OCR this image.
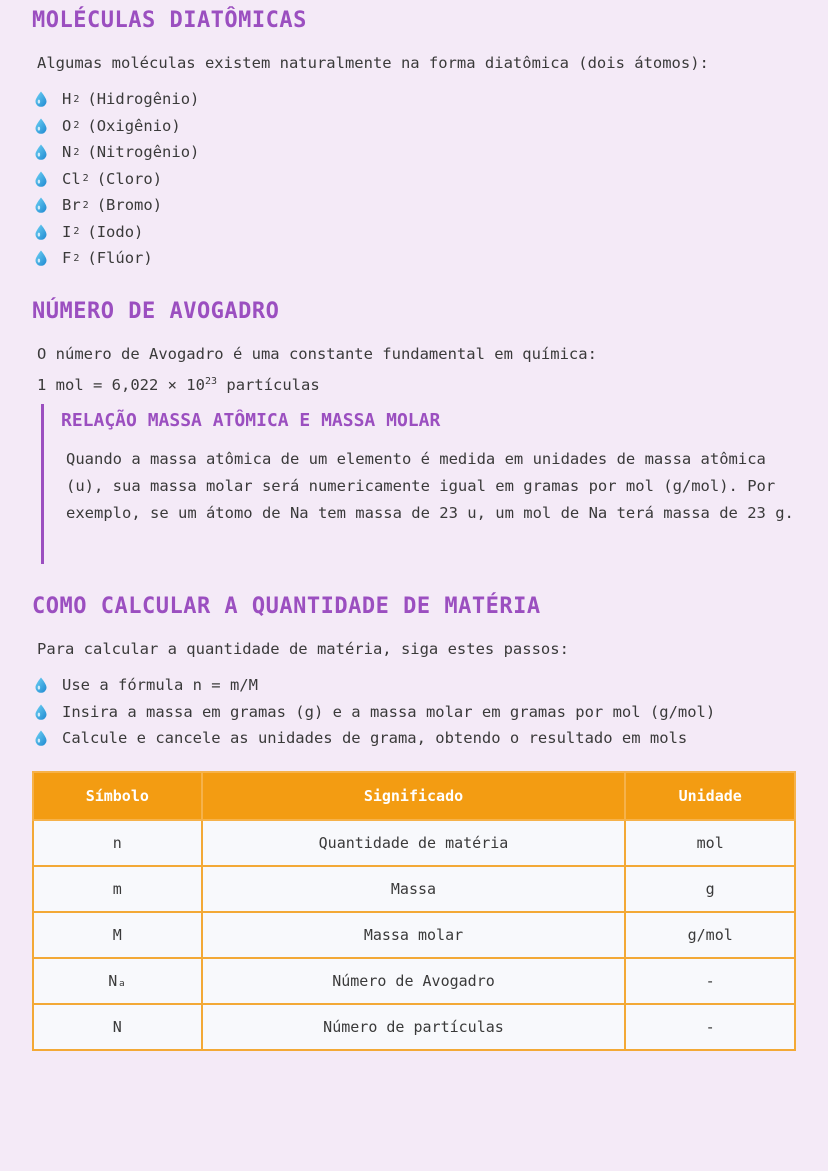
MOLÉCULAS DIATÔMICAS

Algumas moléculas existem naturalmente na forma diatômica (dois átomos):

H 2 (Hidrogênio)
O 2 (Oxigênio)
N 2 (Nitrogênio)
Cl 2 (Cloro)
Br 2 (Bromo)
I 2 (Iodo)
F 2 (Flúor)
NÚMERO DE AVOGADRO

O número de Avogadro é uma constante fundamental em química:

1 mol = $6,022 \times 10^{23}$ partículas

RELAÇÃO MASSA ATÔMICA E MASSA MOLAR

Quando a massa atômica de um elemento é medida em unidades de massa atômica (u), sua massa molar será numericamente igual em gramas por mol (g/mol). Por exemplo, se um átomo de Na tem massa de 23 u, um mol de Na terá massa de 23 g.

COMO CALCULAR A QUANTIDADE DE MATÉRIA

Para calcular a quantidade de matéria, siga estes passos:

Use a fórmula n = m/M
Insira a massa em gramas (g) e a massa molar em gramas por mol (g/mol)
Calcule e cancele as unidades de grama, obtendo o resultado em mols
Símbolo	Significado	Unidade
n	Quantidade de matéria	mol
m	Massa	g
M	Massa molar	g/mol
Nₐ	Número de Avogadro	-
N	Número de partículas	-
